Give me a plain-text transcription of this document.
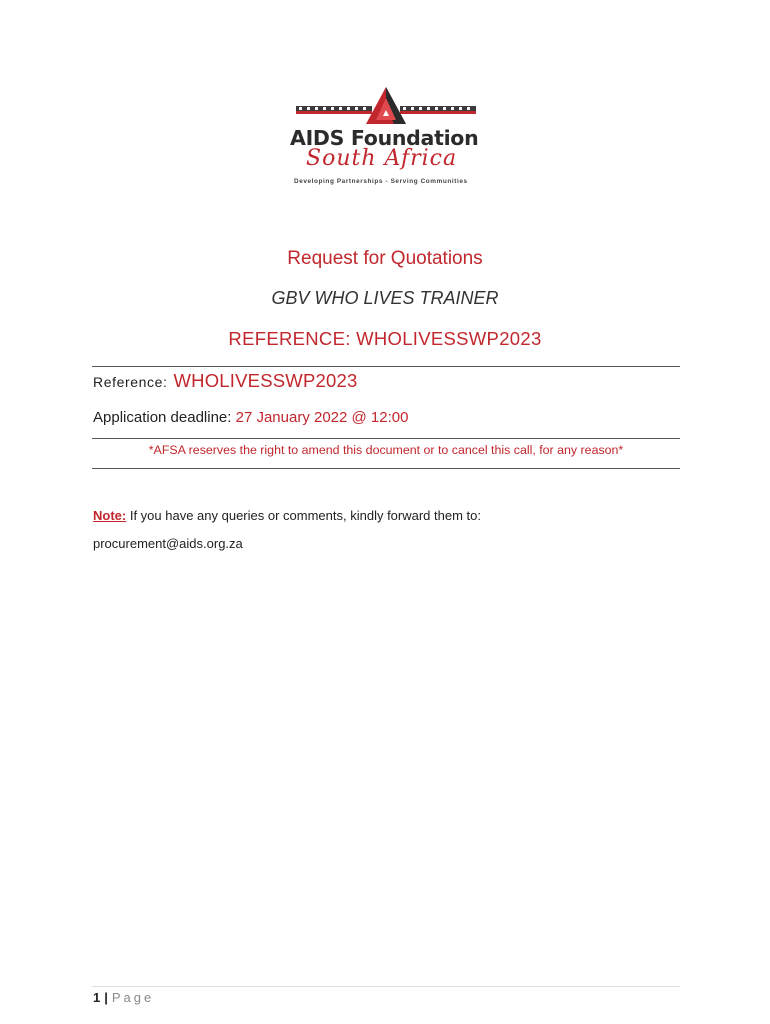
AIDS Foundation
South Africa
Developing Partnerships - Serving Communities
Request for Quotations
GBV WHO LIVES TRAINER
REFERENCE: WHOLIVESSWP2023
Reference: WHOLIVESSWP2023
Application deadline: 27 January 2022 @ 12:00
*AFSA reserves the right to amend this document or to cancel this call, for any reason*
Note: If you have any queries or comments, kindly forward them to:
procurement@aids.org.za
1 | Page
